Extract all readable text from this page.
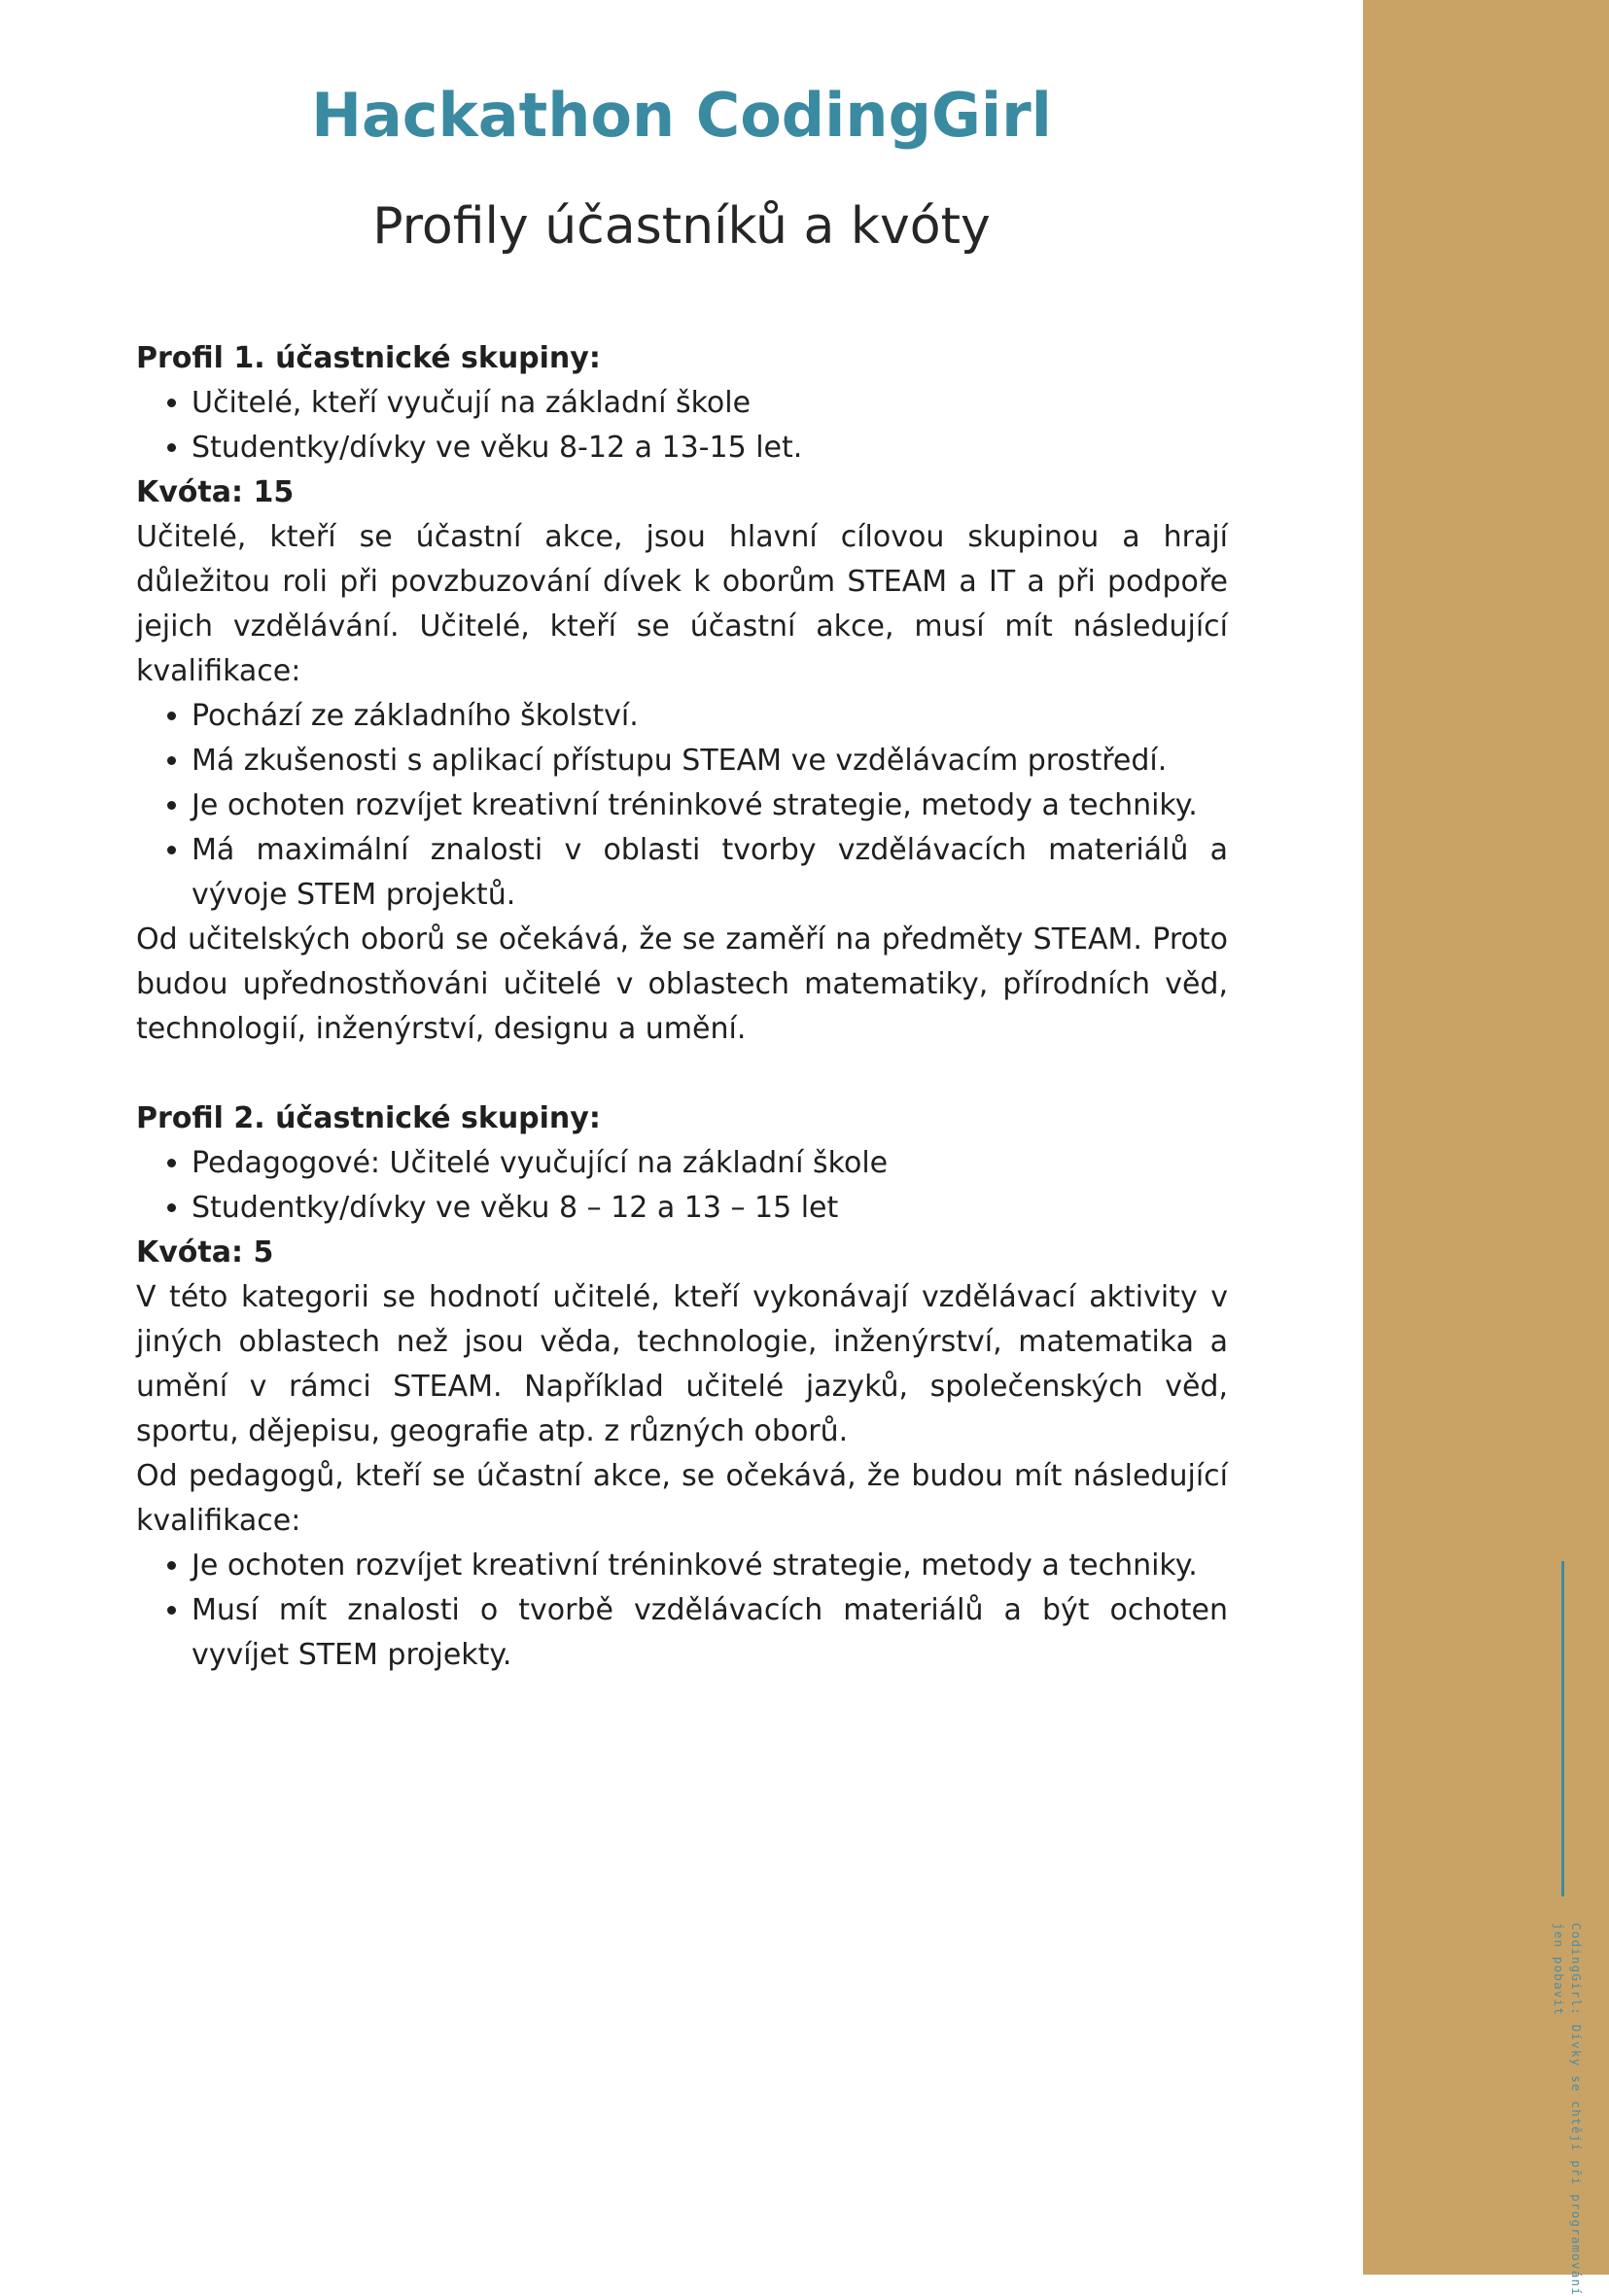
Hackathon CodingGirl
Profily účastníků a kvóty

Profil 1. účastnické skupiny:

• Učitelé, kteří vyučují na základní škole
• Studentky/dívky ve věku 8-12 a 13-15 let.

Kvóta: 15

Učitelé, kteří se účastní akce, jsou hlavní cílovou skupinou a hrají důležitou roli při povzbuzování dívek k oborům STEAM a IT a při podpoře jejich vzdělávání. Učitelé, kteří se účastní akce, musí mít následující kvalifikace:

• Pochází ze základního školství.
• Má zkušenosti s aplikací přístupu STEAM ve vzdělávacím prostředí.
• Je ochoten rozvíjet kreativní tréninkové strategie, metody a techniky.
• Má maximální znalosti v oblasti tvorby vzdělávacích materiálů a vývoje STEM projektů.

Od učitelských oborů se očekává, že se zaměří na předměty STEAM. Proto budou upřednostňováni učitelé v oblastech matematiky, přírodních věd, technologií, inženýrství, designu a umění.

Profil 2. účastnické skupiny:

• Pedagogové: Učitelé vyučující na základní škole
• Studentky/dívky ve věku 8 – 12 a 13 – 15 let

Kvóta: 5

V této kategorii se hodnotí učitelé, kteří vykonávají vzdělávací aktivity v jiných oblastech než jsou věda, technologie, inženýrství, matematika a umění v rámci STEAM. Například učitelé jazyků, společenských věd, sportu, dějepisu, geografie atp. z různých oborů.

Od pedagogů, kteří se účastní akce, se očekává, že budou mít následující kvalifikace:

• Je ochoten rozvíjet kreativní tréninkové strategie, metody a techniky.
• Musí mít znalosti o tvorbě vzdělávacích materiálů a být ochoten vyvíjet STEM projekty.
CodingGirl: Dívky se chtějí při programování
jen pobavit
